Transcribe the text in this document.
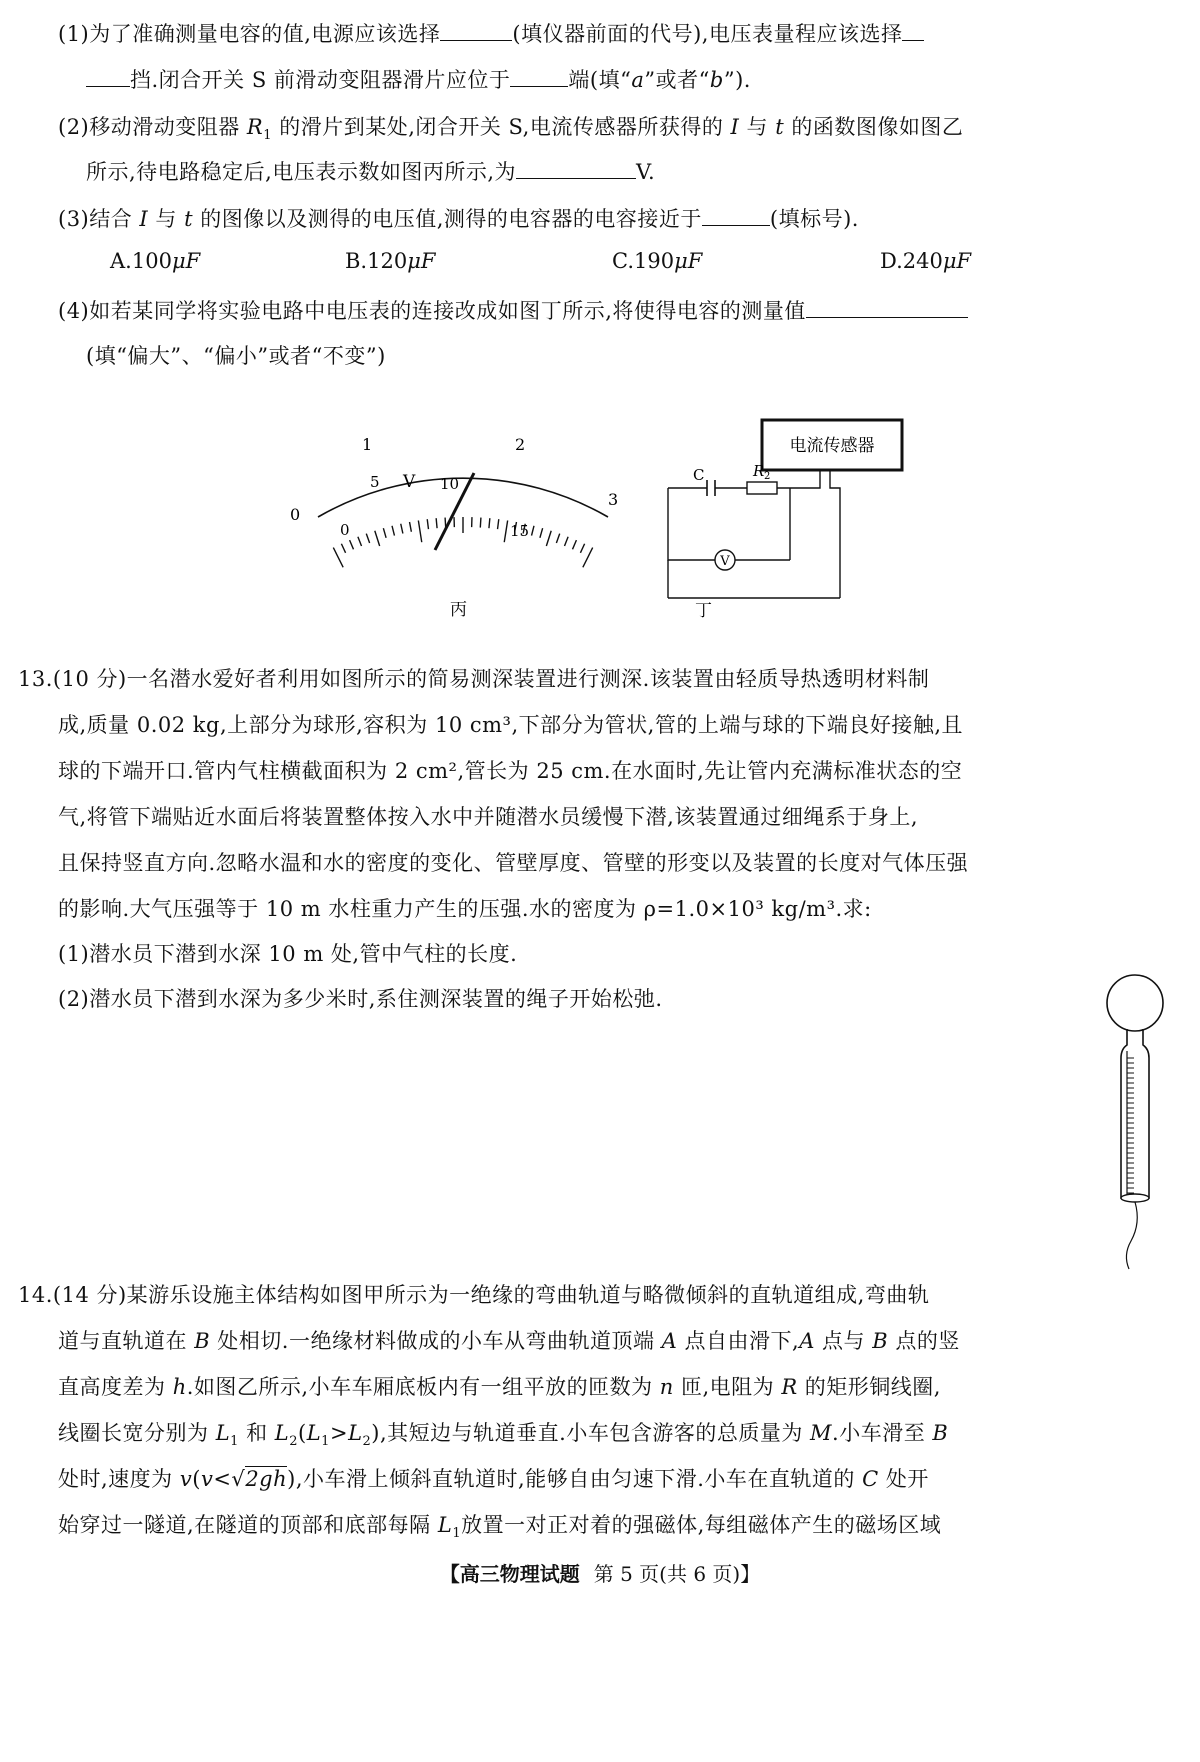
(1)为了准确测量电容的值,电源应该选择	(填仪器前面的代号),电压表量程应该选择
挡.闭合开关 S 前滑动变阻器滑片应位于	端(填“a”或者“b”).
(2)移动滑动变阻器 $R_1$ 的滑片到某处,闭合开关 S,电流传感器所获得的 I 与 t 的函数图像如图乙
所示,待电路稳定后,电压表示数如图丙所示,为	V.
(3)结合 I 与 t 的图像以及测得的电压值,测得的电容器的电容接近于	(填标号).
A.100μF	B.120μF	C.190μF	D.240μF
(4)如若某同学将实验电路中电压表的连接改成如图丁所示,将使得电容的测量值
(填“偏大”、“偏小”或者“不变”)
0
1	2
3
0
5	10
15
V
丙
电流传感器
V
C	R 2
丁
13.(10 分)一名潜水爱好者利用如图所示的简易测深装置进行测深.该装置由轻质导热透明材料制
成,质量 0.02 kg,上部分为球形,容积为 10 cm³,下部分为管状,管的上端与球的下端良好接触,且
球的下端开口.管内气柱横截面积为 2 cm²,管长为 25 cm.在水面时,先让管内充满标准状态的空
气,将管下端贴近水面后将装置整体按入水中并随潜水员缓慢下潜,该装置通过细绳系于身上,
且保持竖直方向.忽略水温和水的密度的变化、管壁厚度、管壁的形变以及装置的长度对气体压强
的影响.大气压强等于 10 m 水柱重力产生的压强.水的密度为 ρ=1.0×10³ kg/m³.求:
(1)潜水员下潜到水深 10 m 处,管中气柱的长度.
(2)潜水员下潜到水深为多少米时,系住测深装置的绳子开始松弛.
14.(14 分)某游乐设施主体结构如图甲所示为一绝缘的弯曲轨道与略微倾斜的直轨道组成,弯曲轨
道与直轨道在 B 处相切.一绝缘材料做成的小车从弯曲轨道顶端 A 点自由滑下,A 点与 B 点的竖
直高度差为 h.如图乙所示,小车车厢底板内有一组平放的匝数为 n 匝,电阻为 R 的矩形铜线圈,
线圈长宽分别为 $L_1$ 和 $L_2(L_1>L_2)$,其短边与轨道垂直.小车包含游客的总质量为 M.小车滑至 B
处时,速度为 v(v<√2gh),小车滑上倾斜直轨道时,能够自由匀速下滑.小车在直轨道的 C 处开
始穿过一隧道,在隧道的顶部和底部每隔 $L_1$放置一对正对着的强磁体,每组磁体产生的磁场区域
【高三物理试题 第 5 页(共 6 页)】
